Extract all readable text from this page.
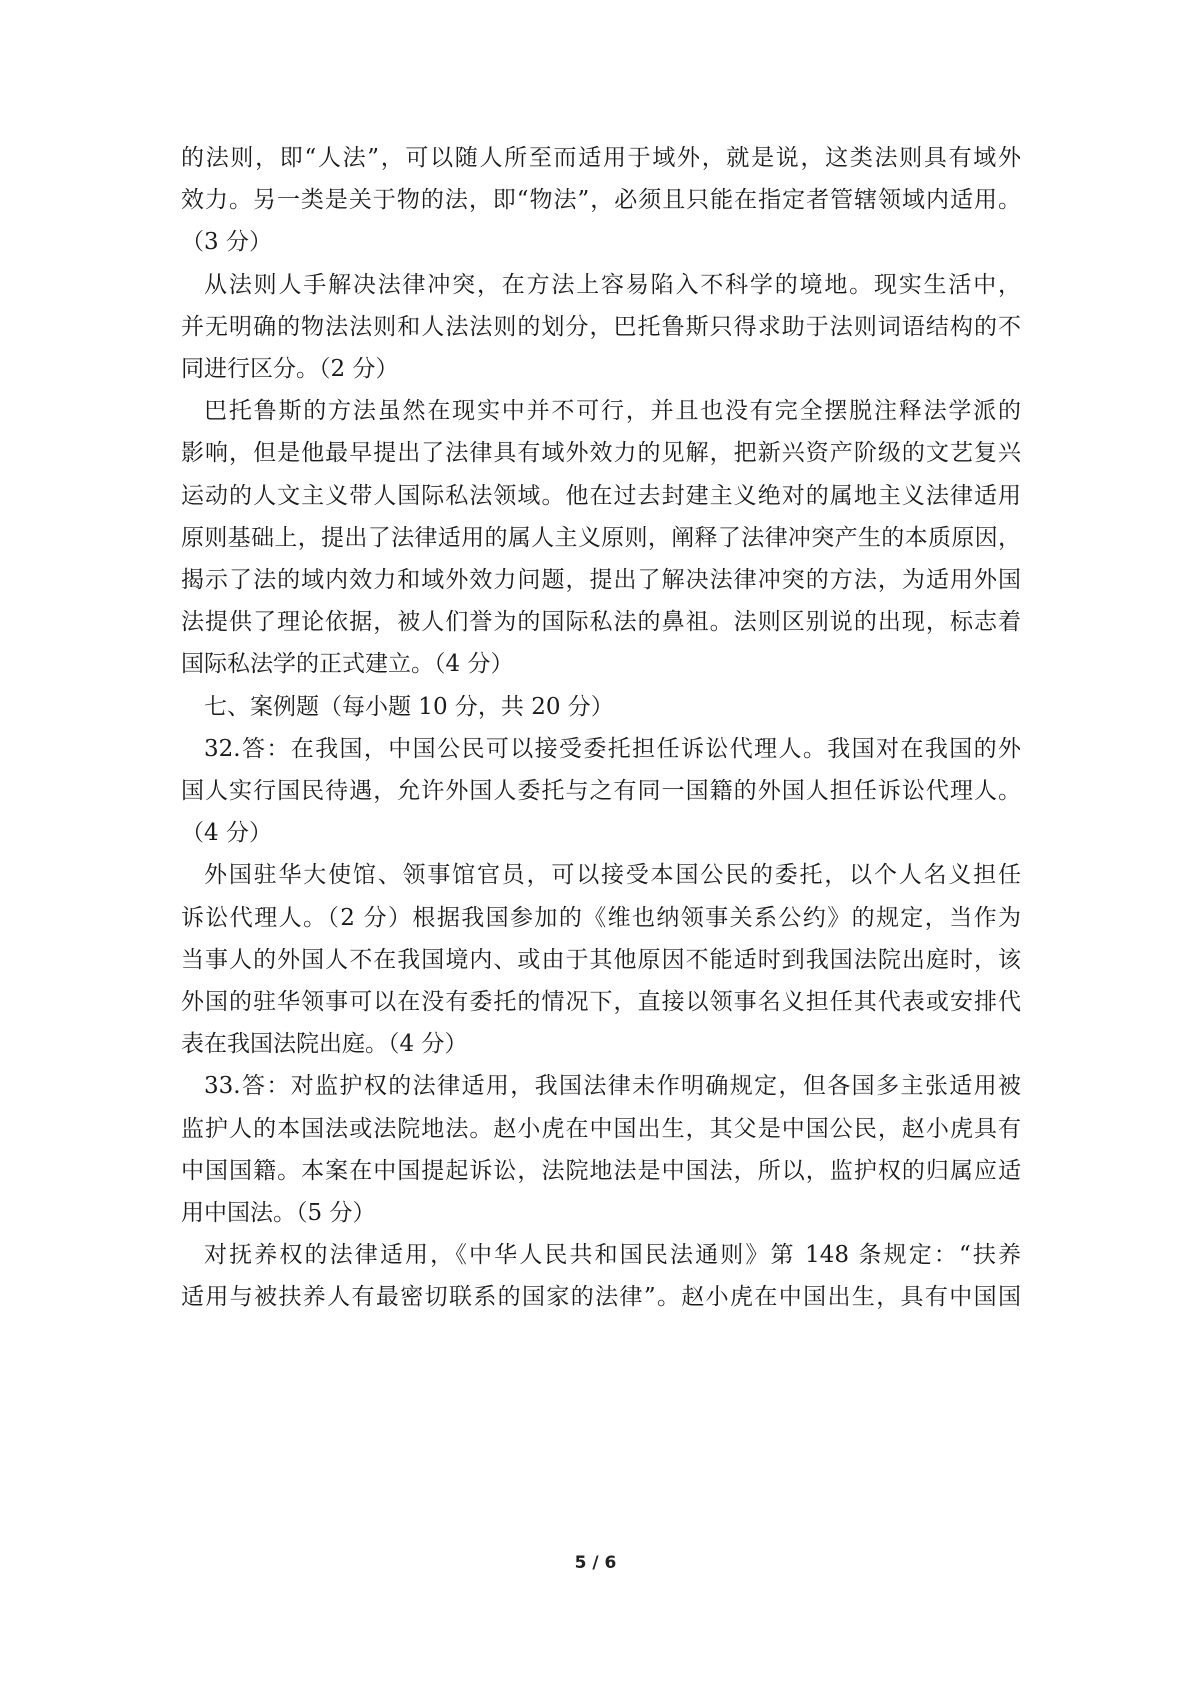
的法则，即“人法”，可以随人所至而适用于域外，就是说，这类法则具有域外
效力。另一类是关于物的法，即“物法”，必须且只能在指定者管辖领域内适用。
（3 分）
从法则人手解决法律冲突，在方法上容易陷入不科学的境地。现实生活中，
并无明确的物法法则和人法法则的划分，巴托鲁斯只得求助于法则词语结构的不
同进行区分。（2 分）
巴托鲁斯的方法虽然在现实中并不可行，并且也没有完全摆脱注释法学派的
影响，但是他最早提出了法律具有域外效力的见解，把新兴资产阶级的文艺复兴
运动的人文主义带人国际私法领域。他在过去封建主义绝对的属地主义法律适用
原则基础上，提出了法律适用的属人主义原则，阐释了法律冲突产生的本质原因，
揭示了法的域内效力和域外效力问题，提出了解决法律冲突的方法，为适用外国
法提供了理论依据，被人们誉为的国际私法的鼻祖。法则区别说的出现，标志着
国际私法学的正式建立。（4 分）
七、案例题（每小题 10 分，共 20 分）
32.答：在我国，中国公民可以接受委托担任诉讼代理人。我国对在我国的外
国人实行国民待遇，允许外国人委托与之有同一国籍的外国人担任诉讼代理人。
（4 分）
外国驻华大使馆、领事馆官员，可以接受本国公民的委托，以个人名义担任
诉讼代理人。（2 分）根据我国参加的《维也纳领事关系公约》的规定，当作为
当事人的外国人不在我国境内、或由于其他原因不能适时到我国法院出庭时，该
外国的驻华领事可以在没有委托的情况下，直接以领事名义担任其代表或安排代
表在我国法院出庭。（4 分）
33.答：对监护权的法律适用，我国法律未作明确规定，但各国多主张适用被
监护人的本国法或法院地法。赵小虎在中国出生，其父是中国公民，赵小虎具有
中国国籍。本案在中国提起诉讼，法院地法是中国法，所以，监护权的归属应适
用中国法。（5 分）
对抚养权的法律适用，《中华人民共和国民法通则》第 148 条规定：“扶养
适用与被扶养人有最密切联系的国家的法律”。赵小虎在中国出生，具有中国国
5 / 6
